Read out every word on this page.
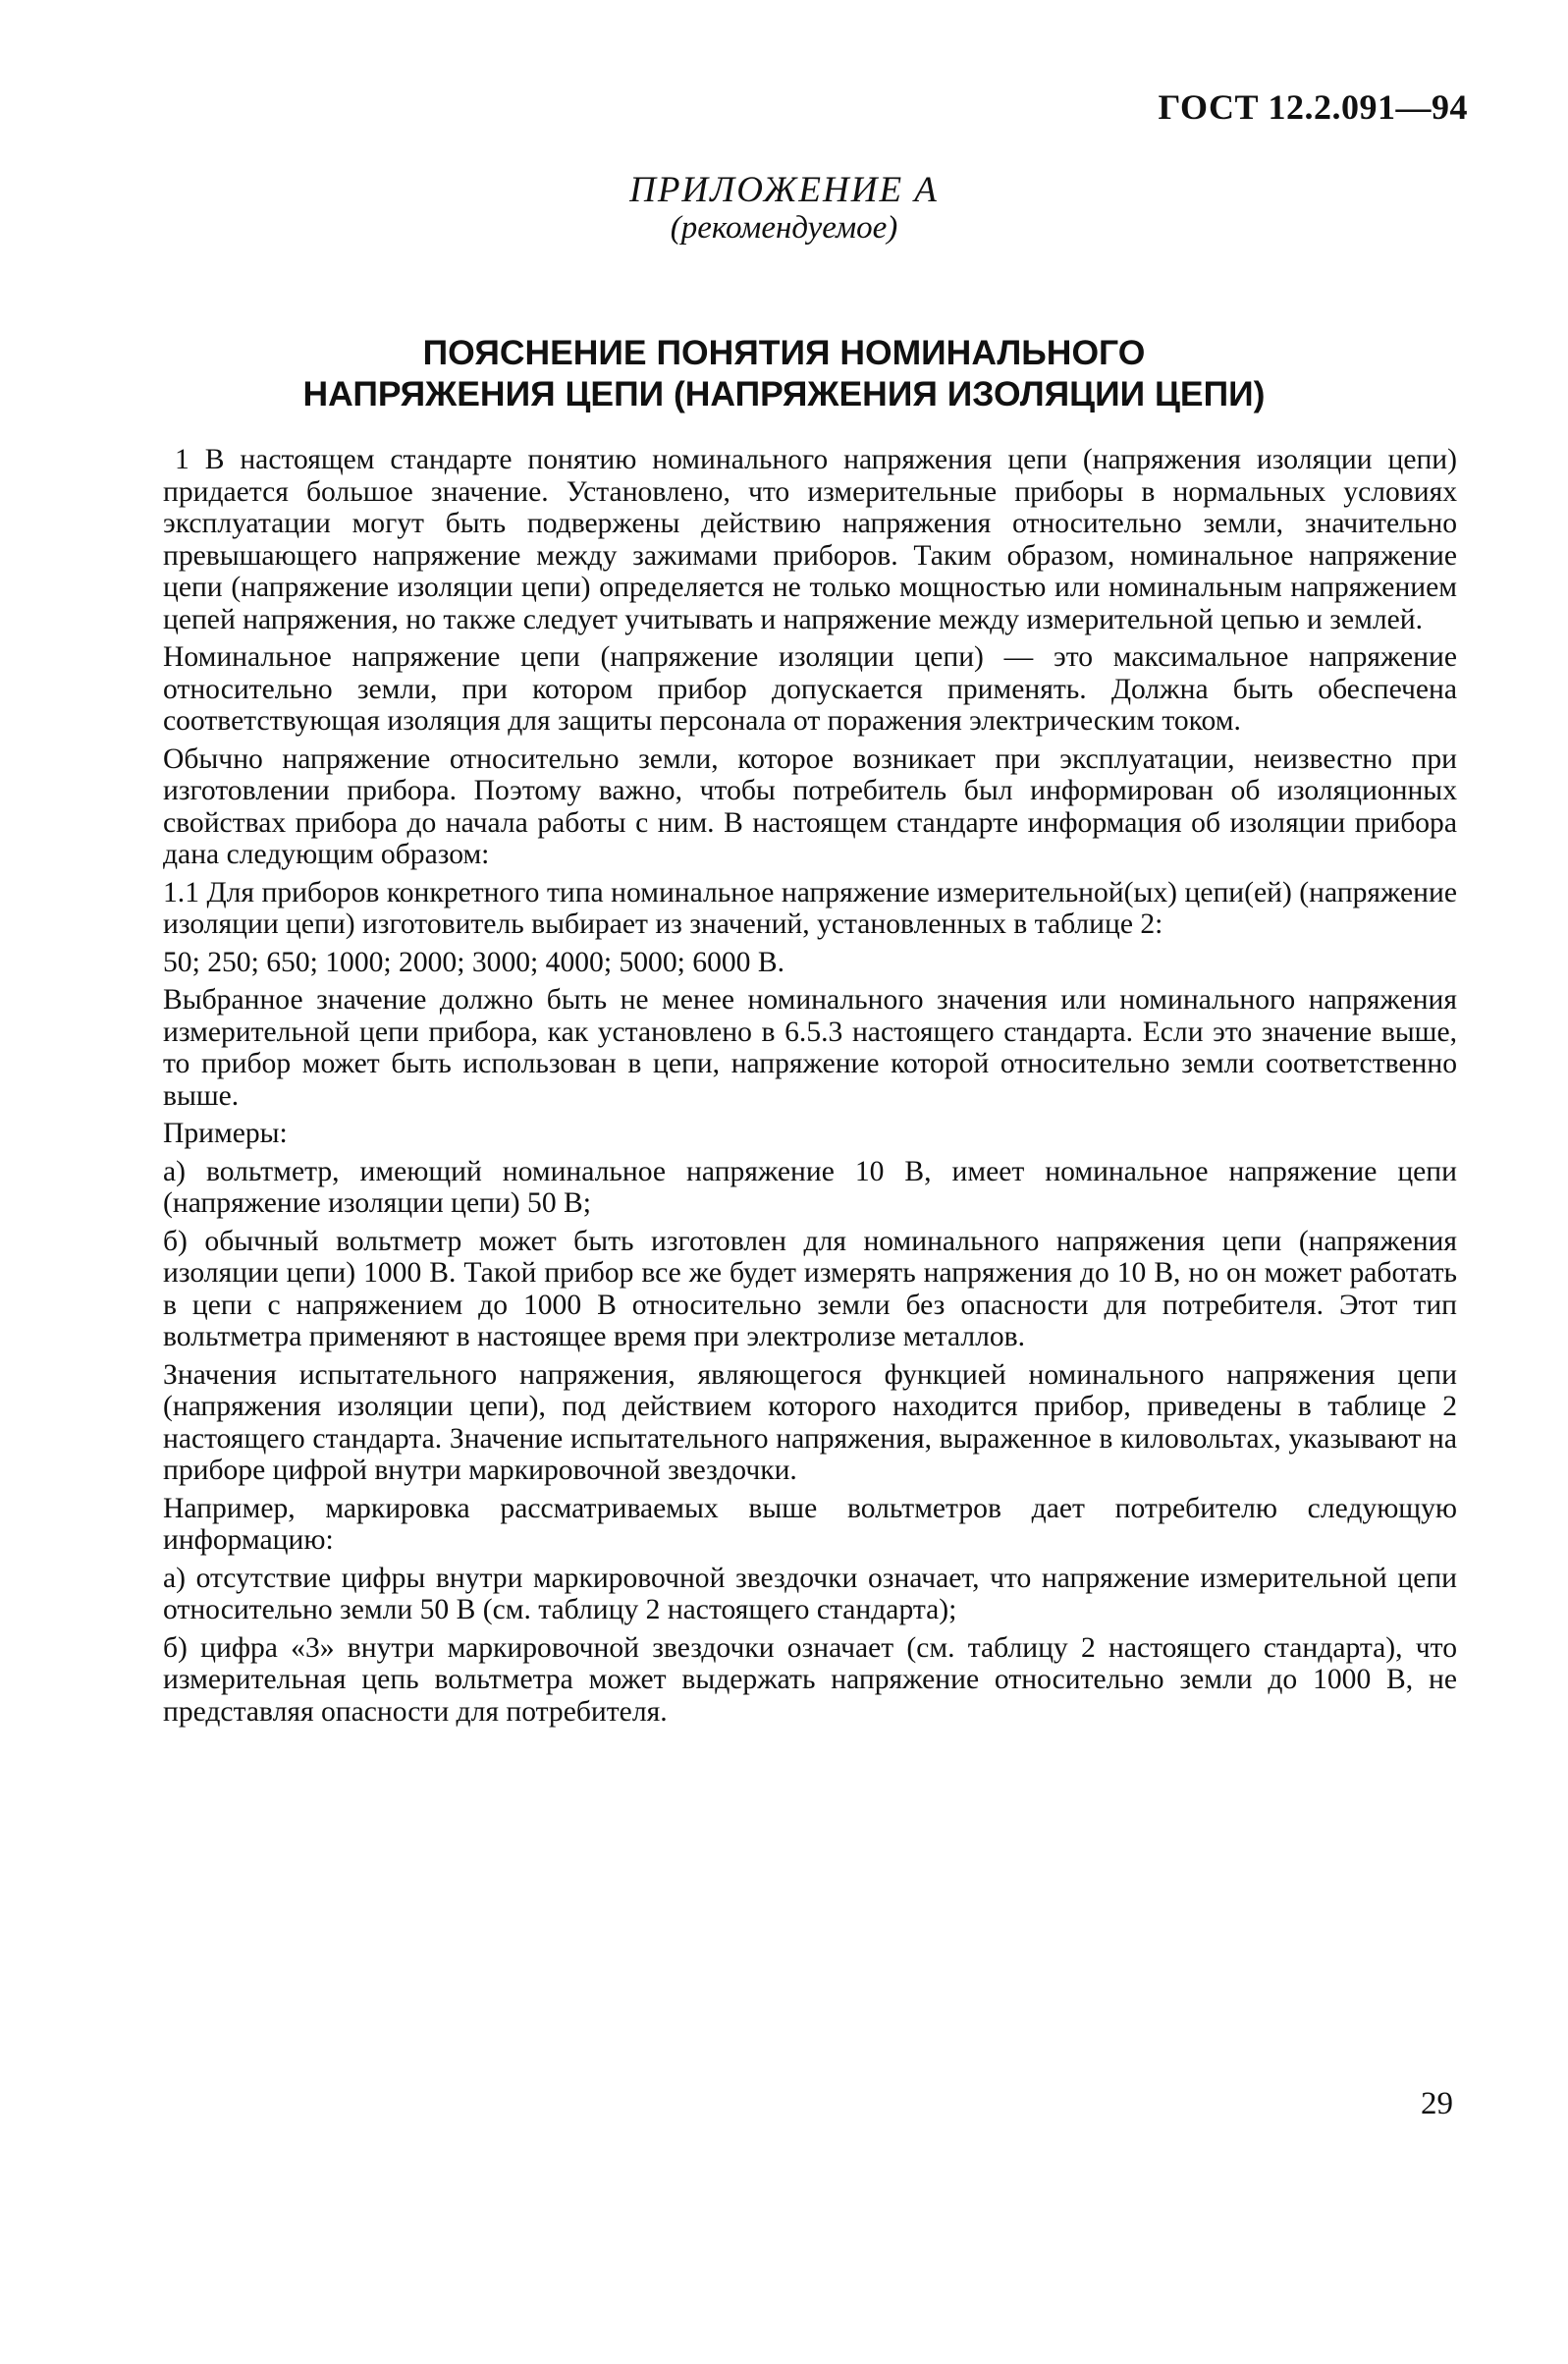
ГОСТ 12.2.091—94
ПРИЛОЖЕНИЕ А
(рекомендуемое)
ПОЯСНЕНИЕ ПОНЯТИЯ НОМИНАЛЬНОГО
НАПРЯЖЕНИЯ ЦЕПИ (НАПРЯЖЕНИЯ ИЗОЛЯЦИИ ЦЕПИ)

1 В настоящем стандарте понятию номинального напряжения цепи (напряжения изоляции цепи) придается большое значение. Установлено, что измерительные приборы в нормальных условиях эксплуатации могут быть подвержены действию напряжения относительно земли, значительно превышающего напряжение между зажимами приборов. Таким образом, номинальное напряжение цепи (напряжение изоляции цепи) определяется не только мощностью или номинальным напряжением цепей напряжения, но также следует учитывать и напряжение между измерительной цепью и землей.

Номинальное напряжение цепи (напряжение изоляции цепи) — это максимальное напряжение относительно земли, при котором прибор допускается применять. Должна быть обеспечена соответствующая изоляция для защиты персонала от поражения электрическим током.

Обычно напряжение относительно земли, которое возникает при эксплуатации, неизвестно при изготовлении прибора. Поэтому важно, чтобы потребитель был информирован об изоляционных свойствах прибора до начала работы с ним. В настоящем стандарте информация об изоляции прибора дана следующим образом:

1.1 Для приборов конкретного типа номинальное напряжение измерительной(ых) цепи(ей) (напряжение изоляции цепи) изготовитель выбирает из значений, установленных в таблице 2:

50; 250; 650; 1000; 2000; 3000; 4000; 5000; 6000 В.

Выбранное значение должно быть не менее номинального значения или номинального напряжения измерительной цепи прибора, как установлено в 6.5.3 настоящего стандарта. Если это значение выше, то прибор может быть использован в цепи, напряжение которой относительно земли соответственно выше.

Примеры:

а) вольтметр, имеющий номинальное напряжение 10 В, имеет номинальное напряжение цепи (напряжение изоляции цепи) 50 В;

б) обычный вольтметр может быть изготовлен для номинального напряжения цепи (напряжения изоляции цепи) 1000 В. Такой прибор все же будет измерять напряжения до 10 В, но он может работать в цепи с напряжением до 1000 В относительно земли без опасности для потребителя. Этот тип вольтметра применяют в настоящее время при электролизе металлов.

Значения испытательного напряжения, являющегося функцией номинального напряжения цепи (напряжения изоляции цепи), под действием которого находится прибор, приведены в таблице 2 настоящего стандарта. Значение испытательного напряжения, выраженное в киловольтах, указывают на приборе цифрой внутри маркировочной звездочки.

Например, маркировка рассматриваемых выше вольтметров дает потребителю следующую информацию:

а) отсутствие цифры внутри маркировочной звездочки означает, что напряжение измерительной цепи относительно земли 50 В (см. таблицу 2 настоящего стандарта);

б) цифра «3» внутри маркировочной звездочки означает (см. таблицу 2 настоящего стандарта), что измерительная цепь вольтметра может выдержать напряжение относительно земли до 1000 В, не представляя опасности для потребителя.

29
